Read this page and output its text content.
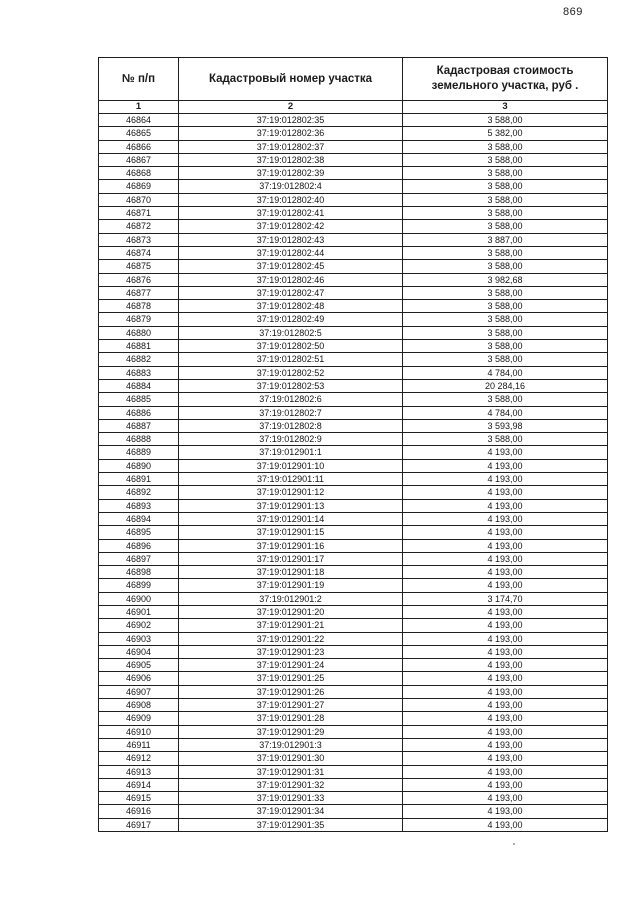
869
№ п/п	Кадастровый номер участка	Кадастровая стоимость земельного участка, руб .
1	2	3
46864	37:19:012802:35	3 588,00
46865	37:19:012802:36	5 382,00
46866	37:19:012802:37	3 588,00
46867	37:19:012802:38	3 588,00
46868	37:19:012802:39	3 588,00
46869	37:19:012802:4	3 588,00
46870	37:19:012802:40	3 588,00
46871	37:19:012802:41	3 588,00
46872	37:19:012802:42	3 588,00
46873	37:19:012802:43	3 887,00
46874	37:19:012802:44	3 588,00
46875	37:19:012802:45	3 588,00
46876	37:19:012802:46	3 982,68
46877	37:19:012802:47	3 588,00
46878	37:19:012802:48	3 588,00
46879	37:19:012802:49	3 588,00
46880	37:19:012802:5	3 588,00
46881	37:19:012802:50	3 588,00
46882	37:19:012802:51	3 588,00
46883	37:19:012802:52	4 784,00
46884	37:19:012802:53	20 284,16
46885	37:19:012802:6	3 588,00
46886	37:19:012802:7	4 784,00
46887	37:19:012802:8	3 593,98
46888	37:19:012802:9	3 588,00
46889	37:19:012901:1	4 193,00
46890	37:19:012901:10	4 193,00
46891	37:19:012901:11	4 193,00
46892	37:19:012901:12	4 193,00
46893	37:19:012901:13	4 193,00
46894	37:19:012901:14	4 193,00
46895	37:19:012901:15	4 193,00
46896	37:19:012901:16	4 193,00
46897	37:19:012901:17	4 193,00
46898	37:19:012901:18	4 193,00
46899	37:19:012901:19	4 193,00
46900	37:19:012901:2	3 174,70
46901	37:19:012901:20	4 193,00
46902	37:19:012901:21	4 193,00
46903	37:19:012901:22	4 193,00
46904	37:19:012901:23	4 193,00
46905	37:19:012901:24	4 193,00
46906	37:19:012901:25	4 193,00
46907	37:19:012901:26	4 193,00
46908	37:19:012901:27	4 193,00
46909	37:19:012901:28	4 193,00
46910	37:19:012901:29	4 193,00
46911	37:19:012901:3	4 193,00
46912	37:19:012901:30	4 193,00
46913	37:19:012901:31	4 193,00
46914	37:19:012901:32	4 193,00
46915	37:19:012901:33	4 193,00
46916	37:19:012901:34	4 193,00
46917	37:19:012901:35	4 193,00
